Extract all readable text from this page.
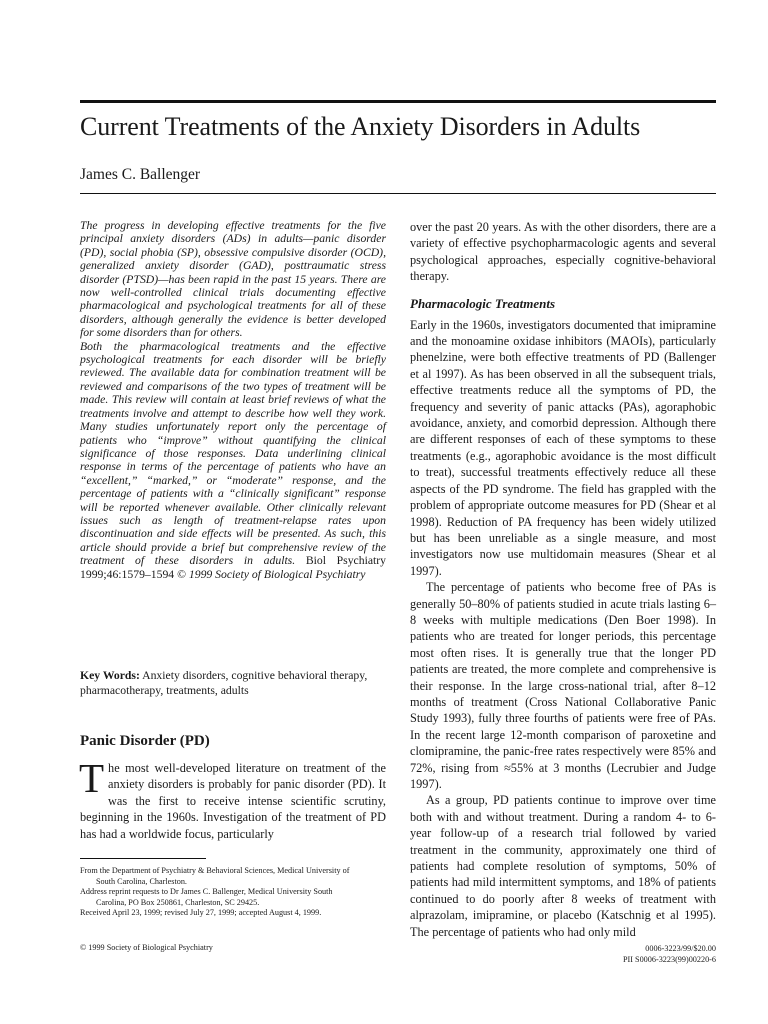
Current Treatments of the Anxiety Disorders in Adults
James C. Ballenger

The progress in developing effective treatments for the five principal anxiety disorders (ADs) in adults—panic disorder (PD), social phobia (SP), obsessive compulsive disorder (OCD), generalized anxiety disorder (GAD), posttraumatic stress disorder (PTSD)—has been rapid in the past 15 years. There are now well-controlled clinical trials documenting effective pharmacological and psychological treatments for all of these disorders, although generally the evidence is better developed for some disorders than for others.

Both the pharmacological treatments and the effective psychological treatments for each disorder will be briefly reviewed. The available data for combination treatment will be reviewed and comparisons of the two types of treatment will be made. This review will contain at least brief reviews of what the treatments involve and attempt to describe how well they work. Many studies unfortunately report only the percentage of patients who “improve” without quantifying the clinical significance of those responses. Data underlining clinical response in terms of the percentage of patients who have an “excellent,” “marked,” or “moderate” response, and the percentage of patients with a “clinically significant” response will be reported whenever available. Other clinically relevant issues such as length of treatment-relapse rates upon discontinuation and side effects will be presented. As such, this article should provide a brief but comprehensive review of the treatment of these disorders in adults. Biol Psychiatry 1999;46:1579–1594 © 1999 Society of Biological Psychiatry

Key Words: Anxiety disorders, cognitive behavioral therapy, pharmacotherapy, treatments, adults

Panic Disorder (PD)

The most well-developed literature on treatment of the anxiety disorders is probably for panic disorder (PD). It was the first to receive intense scientific scrutiny, beginning in the 1960s. Investigation of the treatment of PD has had a worldwide focus, particularly

From the Department of Psychiatry & Behavioral Sciences, Medical University of
South Carolina, Charleston.
Address reprint requests to Dr James C. Ballenger, Medical University South
Carolina, PO Box 250861, Charleston, SC 29425.
Received April 23, 1999; revised July 27, 1999; accepted August 4, 1999.

over the past 20 years. As with the other disorders, there are a variety of effective psychopharmacologic agents and several psychological approaches, especially cognitive-behavioral therapy.

Pharmacologic Treatments

Early in the 1960s, investigators documented that imipramine and the monoamine oxidase inhibitors (MAOIs), particularly phenelzine, were both effective treatments of PD (Ballenger et al 1997). As has been observed in all the subsequent trials, effective treatments reduce all the symptoms of PD, the frequency and severity of panic attacks (PAs), agoraphobic avoidance, anxiety, and comorbid depression. Although there are different responses of each of these symptoms to these treatments (e.g., agoraphobic avoidance is the most difficult to treat), successful treatments effectively reduce all these aspects of the PD syndrome. The field has grappled with the problem of appropriate outcome measures for PD (Shear et al 1998). Reduction of PA frequency has been widely utilized but has been unreliable as a single measure, and most investigators now use multidomain measures (Shear et al 1997).

The percentage of patients who become free of PAs is generally 50–80% of patients studied in acute trials lasting 6–8 weeks with multiple medications (Den Boer 1998). In patients who are treated for longer periods, this percentage most often rises. It is generally true that the longer PD patients are treated, the more complete and comprehensive is their response. In the large cross-national trial, after 8–12 months of treatment (Cross National Collaborative Panic Study 1993), fully three fourths of patients were free of PAs. In the recent large 12-month comparison of paroxetine and clomipramine, the panic-free rates respectively were 85% and 72%, rising from ≈55% at 3 months (Lecrubier and Judge 1997).

As a group, PD patients continue to improve over time both with and without treatment. During a random 4- to 6-year follow-up of a research trial followed by varied treatment in the community, approximately one third of patients had complete resolution of symptoms, 50% of patients had mild intermittent symptoms, and 18% of patients continued to do poorly after 8 weeks of treatment with alprazolam, imipramine, or placebo (Katschnig et al 1995). The percentage of patients who had only mild

© 1999 Society of Biological Psychiatry	0006-3223/99/$20.00
PII S0006-3223(99)00220-6
